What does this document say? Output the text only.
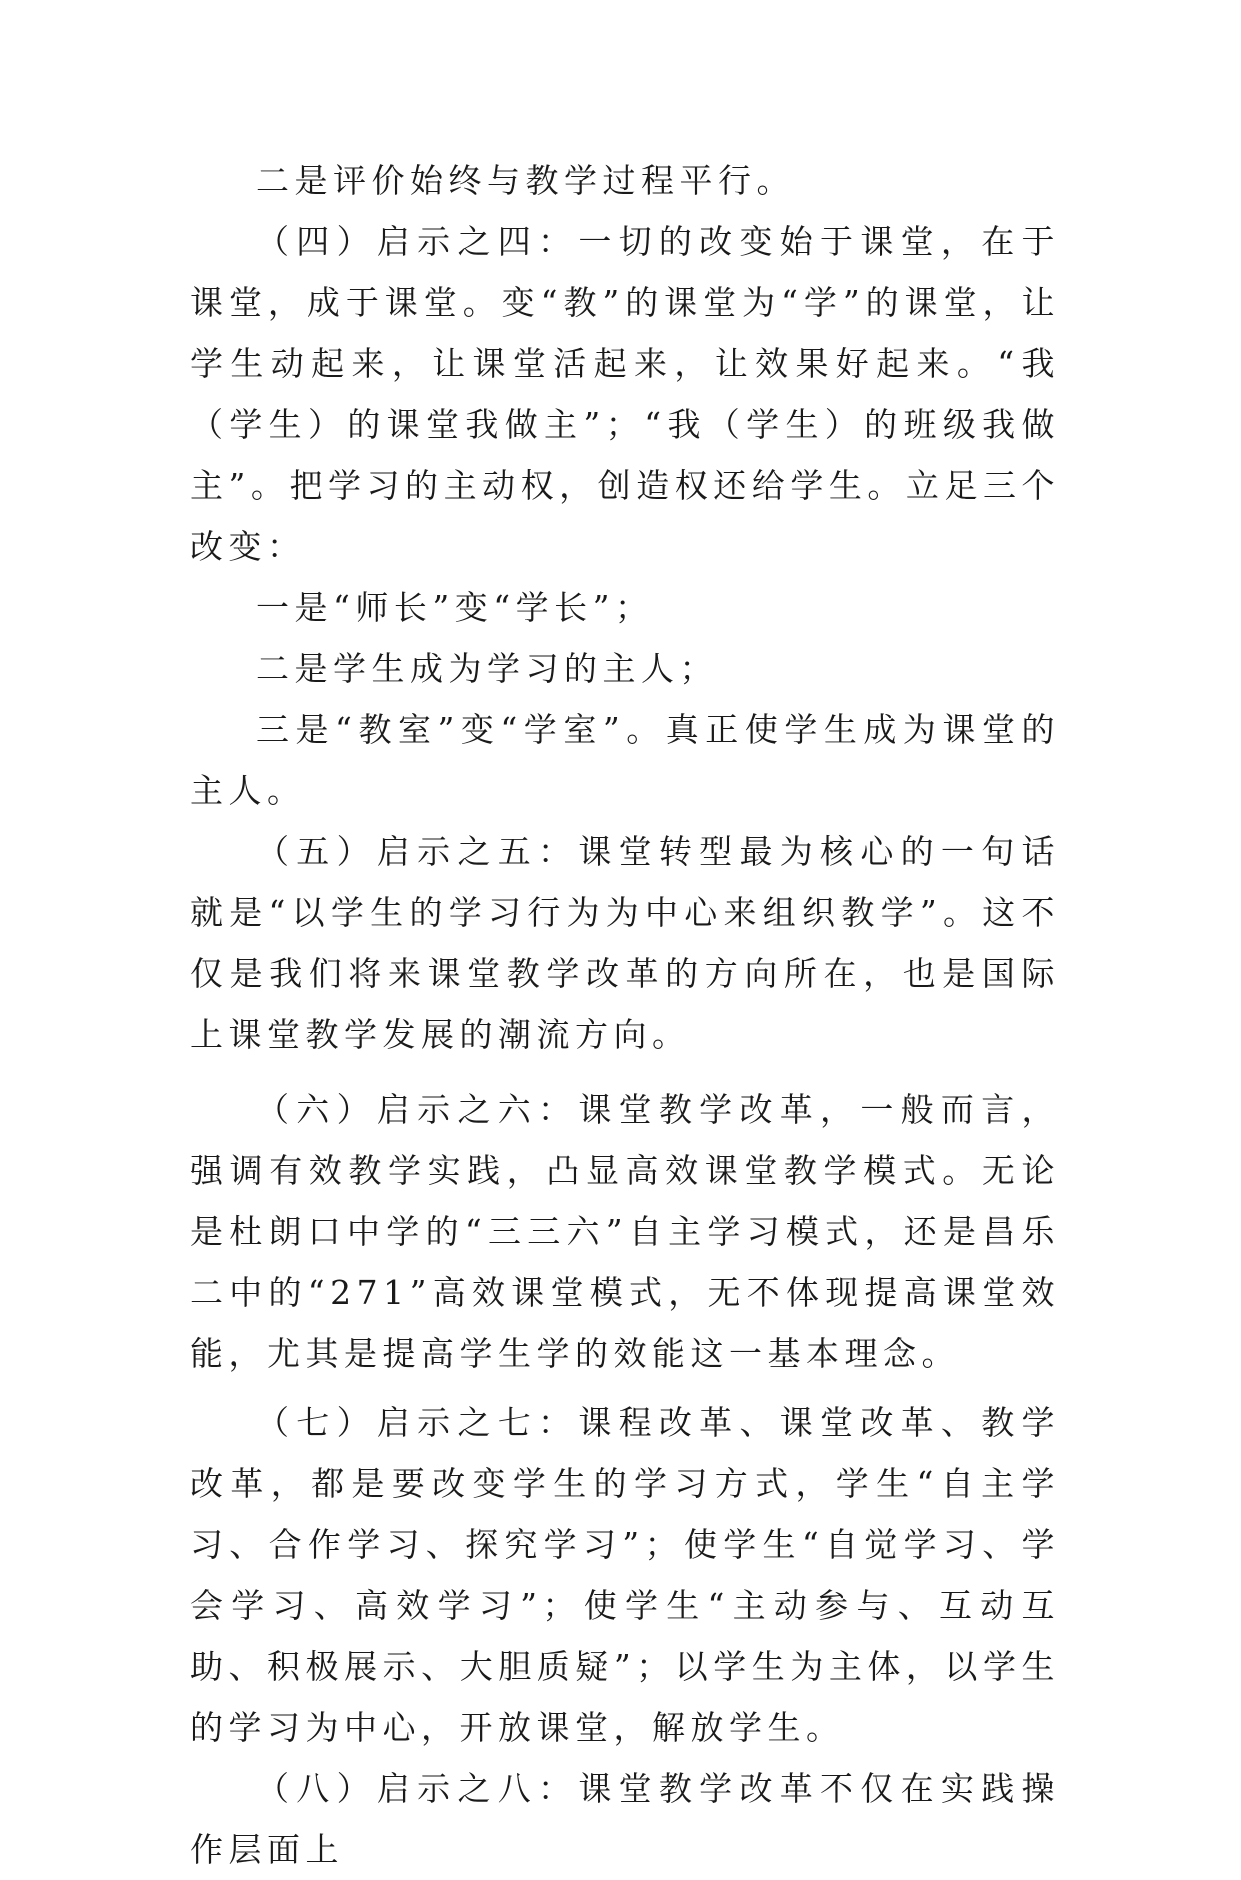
二是评价始终与教学过程平行。

（四）启示之四：一切的改变始于课堂，在于课堂，成于课堂。变“教”的课堂为“学”的课堂，让学生动起来，让课堂活起来，让效果好起来。“我（学生）的课堂我做主”；“我（学生）的班级我做主”。把学习的主动权，创造权还给学生。立足三个改变：

一是“师长”变“学长”；

二是学生成为学习的主人；

三是“教室”变“学室”。真正使学生成为课堂的主人。

（五）启示之五：课堂转型最为核心的一句话就是“以学生的学习行为为中心来组织教学”。这不仅是我们将来课堂教学改革的方向所在，也是国际上课堂教学发展的潮流方向。

（六）启示之六：课堂教学改革，一般而言，强调有效教学实践，凸显高效课堂教学模式。无论是杜朗口中学的“三三六”自主学习模式，还是昌乐二中的“271”高效课堂模式，无不体现提高课堂效能，尤其是提高学生学的效能这一基本理念。

（七）启示之七：课程改革、课堂改革、教学改革，都是要改变学生的学习方式，学生“自主学习、合作学习、探究学习”；使学生“自觉学习、学会学习、高效学习”；使学生“主动参与、互动互助、积极展示、大胆质疑”；以学生为主体，以学生的学习为中心，开放课堂，解放学生。

（八）启示之八：课堂教学改革不仅在实践操作层面上
